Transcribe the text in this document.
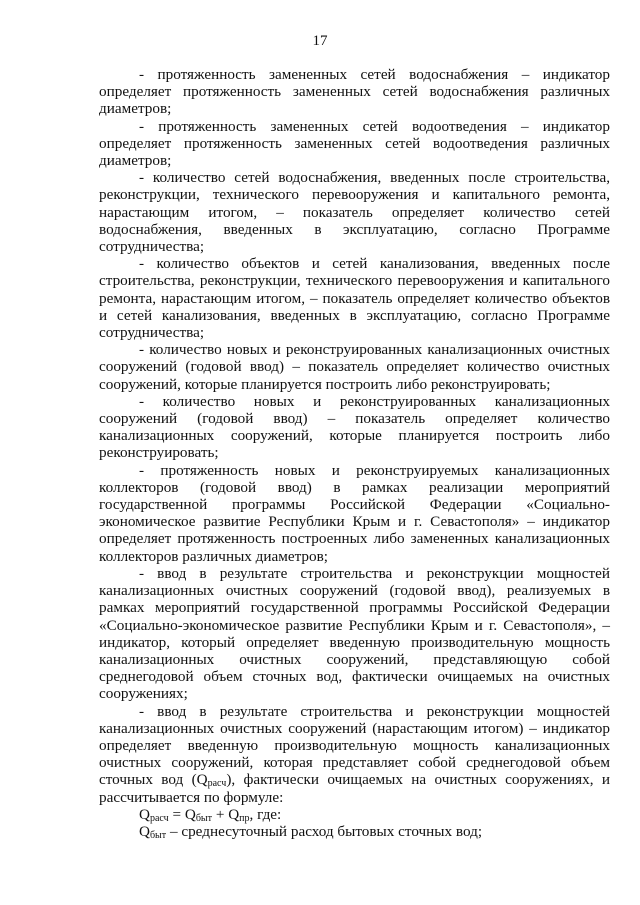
17

- протяженность замененных сетей водоснабжения – индикатор определяет протяженность замененных сетей водоснабжения различных диаметров;

- протяженность замененных сетей водоотведения – индикатор определяет протяженность замененных сетей водоотведения различных диаметров;

- количество сетей водоснабжения, введенных после строительства, реконструкции, технического перевооружения и капитального ремонта, нарастающим итогом, – показатель определяет количество сетей водоснабжения, введенных в эксплуатацию, согласно Программе сотрудничества;

- количество объектов и сетей канализования, введенных после строительства, реконструкции, технического перевооружения и капитального ремонта, нарастающим итогом, – показатель определяет количество объектов и сетей канализования, введенных в эксплуатацию, согласно Программе сотрудничества;

- количество новых и реконструированных канализационных очистных сооружений (годовой ввод) – показатель определяет количество очистных сооружений, которые планируется построить либо реконструировать;

- количество новых и реконструированных канализационных сооружений (годовой ввод) – показатель определяет количество канализационных сооружений, которые планируется построить либо реконструировать;

- протяженность новых и реконструируемых канализационных коллекторов (годовой ввод) в рамках реализации мероприятий государственной программы Российской Федерации «Социально-экономическое развитие Республики Крым и г. Севастополя» – индикатор определяет протяженность построенных либо замененных канализационных коллекторов различных диаметров;

- ввод в результате строительства и реконструкции мощностей канализационных очистных сооружений (годовой ввод), реализуемых в рамках мероприятий государственной программы Российской Федерации «Социально-экономическое развитие Республики Крым и г. Севастополя», – индикатор, который определяет введенную производительную мощность канализационных очистных сооружений, представляющую собой среднегодовой объем сточных вод, фактически очищаемых на очистных сооружениях;

- ввод в результате строительства и реконструкции мощностей канализационных очистных сооружений (нарастающим итогом) – индикатор определяет введенную производительную мощность канализационных очистных сооружений, которая представляет собой среднегодовой объем сточных вод $(Q_{расч})$, фактически очищаемых на очистных сооружениях, и рассчитывается по формуле:

$Q_{расч} = Q_{быт} + Q_{пр}$, где:

$Q_{быт}$ – среднесуточный расход бытовых сточных вод;
